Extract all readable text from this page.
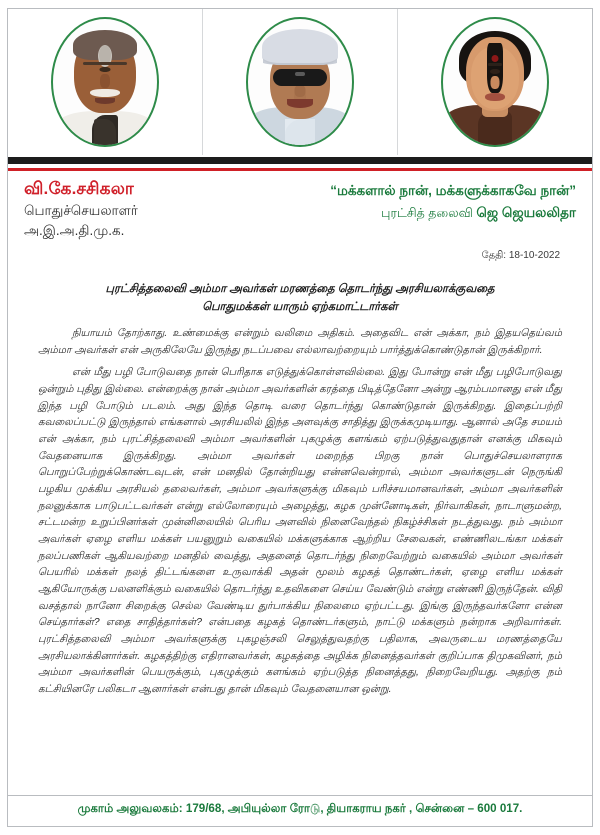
வி.கே.சசிகலா
பொதுச்செயலாளர்
அ.இ.அ.தி.மு.க.
“மக்களால் நான், மக்களுக்காகவே நான்”
புரட்சித் தலைவி ஜெ ஜெயலலிதா
தேதி: 18-10-2022
புரட்சித்தலைவி அம்மா அவர்கள் மரணத்தை தொடர்ந்து அரசியலாக்குவதை
பொதுமக்கள் யாரும் ஏற்கமாட்டார்கள்

நியாயம் தோற்காது. உண்மைக்கு என்றும் வலிமை அதிகம். அதைவிட என் அக்கா, நம் இதயதெய்வம் அம்மா அவர்கள் என் அருகிலேயே இருந்து நடப்பவை எல்லாவற்றையும் பார்த்துக்கொண்டுதான் இருக்கிறார்.

என் மீது பழி போடுவதை நான் பெரிதாக எடுத்துக்கொள்ளவில்லை. இது போன்று என் மீது பழிபோடுவது ஒன்றும் புதிது இல்லை. என்றைக்கு நான் அம்மா அவர்களின் கரத்தை பிடித்தேனோ அன்று ஆரம்பமானது என் மீது இந்த பழி போடும் படலம். அது இந்த தொடி வரை தொடர்ந்து கொண்டுதான் இருக்கிறது. இதைப்பற்றி கவலைப்பட்டு இருந்தால் எங்களால் அரசியலில் இந்த அளவுக்கு சாதித்து இருக்கமுடியாது. ஆனால் அதே சமயம் என் அக்கா, நம் புரட்சித்தலைவி அம்மா அவர்களின் புகழுக்கு களங்கம் ஏற்படுத்துவதுதான் எனக்கு மிகவும் வேதனையாக இருக்கிறது. அம்மா அவர்கள் மறைந்த பிறகு நான் பொதுச்செயலாளராக பொறுப்பேற்றுக்கொண்டவுடன், என் மனதில் தோன்றியது என்னவென்றால், அம்மா அவர்களுடன் நெருங்கி பழகிய முக்கிய அரசியல் தலைவர்கள், அம்மா அவர்களுக்கு மிகவும் பரிச்சயமானவர்கள், அம்மா அவர்களின் நலனுக்காக பாடுபட்டவர்கள் என்று எல்லோரையும் அழைத்து, கழக முன்னோடிகள், நிர்வாகிகள், நாடாளுமன்ற, சட்டமன்ற உறுப்பினர்கள் முன்னிலையில் பெரிய அளவில் நினைவேந்தல் நிகழ்ச்சிகள் நடத்துவது. நம் அம்மா அவர்கள் ஏழை எளிய மக்கள் பயனுறும் வகையில் மக்களுக்காக ஆற்றிய சேவைகள், எண்ணிலடங்கா மக்கள் நலப்பணிகள் ஆகியவற்றை மனதில் வைத்து, அதனைத் தொடர்ந்து நிறைவேற்றும் வகையில் அம்மா அவர்கள் பெயரில் மக்கள் நலத் திட்டங்களை உருவாக்கி அதன் மூலம் கழகத் தொண்டர்கள், ஏழை எளிய மக்கள் ஆகியோருக்கு பலனளிக்கும் வகையில் தொடர்ந்து உதவிகளை செய்ய வேண்டும் என்று எண்ணி இருந்தேன். விதி வசத்தால் நானோ சிறைக்கு செல்ல வேண்டிய துர்பாக்கிய நிலைமை ஏற்பட்டது. இங்கு இருந்தவர்களோ என்ன செய்தார்கள்? எதை சாதித்தார்கள்? என்பதை கழகத் தொண்டர்களும், நாட்டு மக்களும் நன்றாக அறிவார்கள். புரட்சித்தலைவி அம்மா அவர்களுக்கு புகழஞ்சலி செலுத்துவதற்கு பதிலாக, அவருடைய மரணத்தையே அரசியலாக்கினார்கள். கழகத்திற்கு எதிரானவர்கள், கழகத்தை அழிக்க நினைத்தவர்கள் குறிப்பாக திமுகவினர், நம் அம்மா அவர்களின் பெயருக்கும், புகழுக்கும் களங்கம் ஏற்படுத்த நினைத்தது, நிறைவேறியது. அதற்கு நம் கட்சியினரே பலிகடா ஆனார்கள் என்பது தான் மிகவும் வேதனையான ஒன்று.

முகாம் அலுவலகம்: 179/68, அபியுல்லா ரோடு, தியாகராய நகர் , சென்னை – 600 017.
